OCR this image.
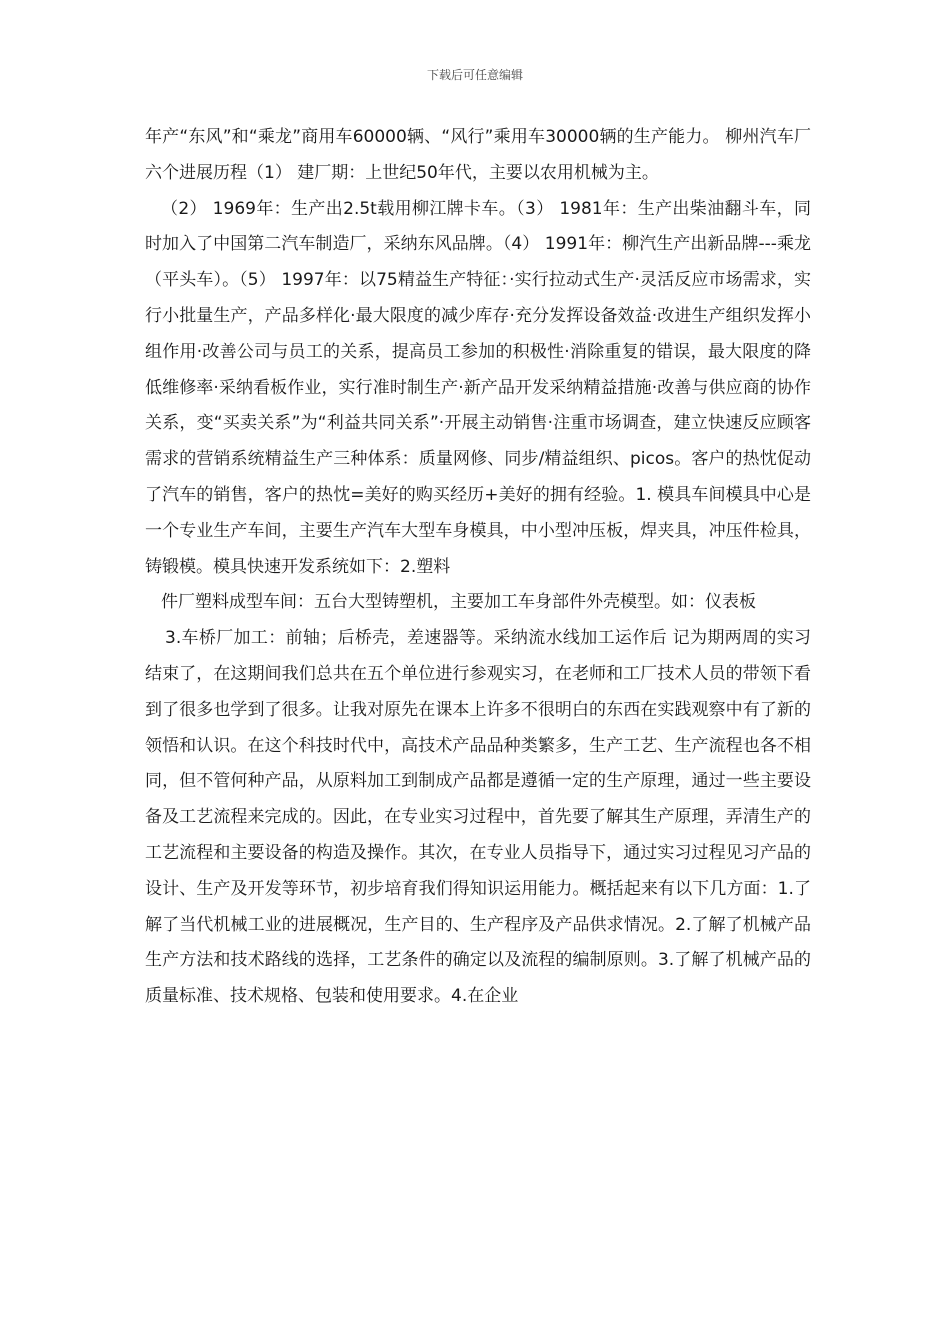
下载后可任意编辑

年产“东风”和“乘龙”商用车60000辆、“风行”乘用车30000辆的生产能力。 柳州汽车厂六个进展历程（1） 建厂期：上世纪50年代，主要以农用机械为主。

（2） 1969年：生产出2.5t载用柳江牌卡车。（3） 1981年：生产出柴油翻斗车，同时加入了中国第二汽车制造厂，采纳东风品牌。（4） 1991年：柳汽生产出新品牌---乘龙（平头车）。（5） 1997年：以75精益生产特征：·实行拉动式生产·灵活反应市场需求，实行小批量生产，产品多样化·最大限度的减少库存·充分发挥设备效益·改进生产组织发挥小组作用·改善公司与员工的关系，提高员工参加的积极性·消除重复的错误，最大限度的降低维修率·采纳看板作业，实行准时制生产·新产品开发采纳精益措施·改善与供应商的协作关系，变“买卖关系”为“利益共同关系”·开展主动销售·注重市场调查，建立快速反应顾客需求的营销系统精益生产三种体系：质量网修、同步/精益组织、picos。客户的热忱促动了汽车的销售，客户的热忱=美好的购买经历+美好的拥有经验。1. 模具车间模具中心是一个专业生产车间，主要生产汽车大型车身模具，中小型冲压板，焊夹具，冲压件检具，铸锻模。模具快速开发系统如下：2.塑料

件厂塑料成型车间：五台大型铸塑机，主要加工车身部件外壳模型。如：仪表板

3.车桥厂加工：前轴；后桥壳，差速器等。采纳流水线加工运作后 记为期两周的实习结束了，在这期间我们总共在五个单位进行参观实习，在老师和工厂技术人员的带领下看到了很多也学到了很多。让我对原先在课本上许多不很明白的东西在实践观察中有了新的领悟和认识。在这个科技时代中，高技术产品品种类繁多，生产工艺、生产流程也各不相同，但不管何种产品，从原料加工到制成产品都是遵循一定的生产原理，通过一些主要设备及工艺流程来完成的。因此，在专业实习过程中，首先要了解其生产原理，弄清生产的工艺流程和主要设备的构造及操作。其次，在专业人员指导下，通过实习过程见习产品的设计、生产及开发等环节，初步培育我们得知识运用能力。概括起来有以下几方面：1.了解了当代机械工业的进展概况，生产目的、生产程序及产品供求情况。2.了解了机械产品生产方法和技术路线的选择，工艺条件的确定以及流程的编制原则。3.了解了机械产品的质量标准、技术规格、包装和使用要求。4.在企业
